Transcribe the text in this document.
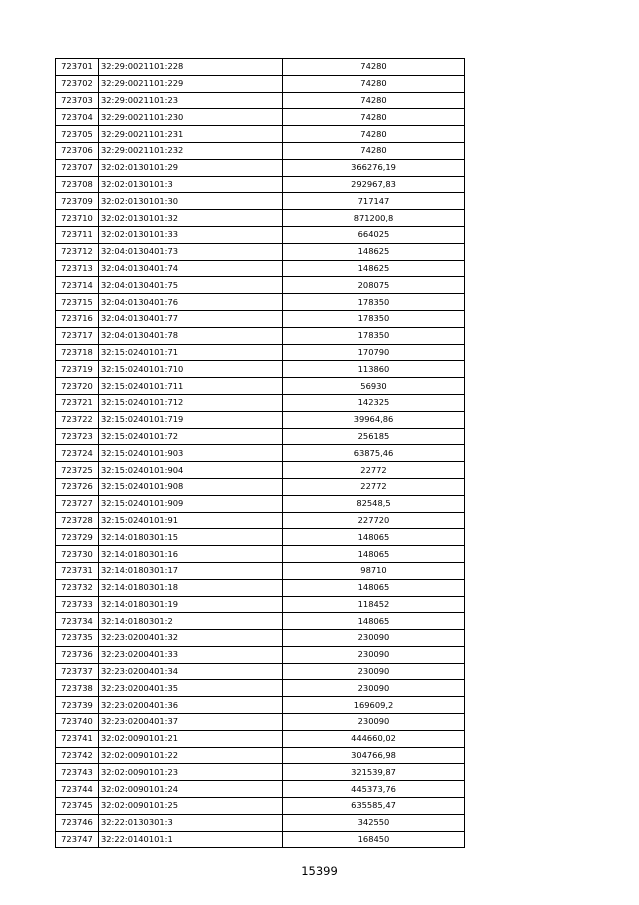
723701	32:29:0021101:228	74280
723702	32:29:0021101:229	74280
723703	32:29:0021101:23	74280
723704	32:29:0021101:230	74280
723705	32:29:0021101:231	74280
723706	32:29:0021101:232	74280
723707	32:02:0130101:29	366276,19
723708	32:02:0130101:3	292967,83
723709	32:02:0130101:30	717147
723710	32:02:0130101:32	871200,8
723711	32:02:0130101:33	664025
723712	32:04:0130401:73	148625
723713	32:04:0130401:74	148625
723714	32:04:0130401:75	208075
723715	32:04:0130401:76	178350
723716	32:04:0130401:77	178350
723717	32:04:0130401:78	178350
723718	32:15:0240101:71	170790
723719	32:15:0240101:710	113860
723720	32:15:0240101:711	56930
723721	32:15:0240101:712	142325
723722	32:15:0240101:719	39964,86
723723	32:15:0240101:72	256185
723724	32:15:0240101:903	63875,46
723725	32:15:0240101:904	22772
723726	32:15:0240101:908	22772
723727	32:15:0240101:909	82548,5
723728	32:15:0240101:91	227720
723729	32:14:0180301:15	148065
723730	32:14:0180301:16	148065
723731	32:14:0180301:17	98710
723732	32:14:0180301:18	148065
723733	32:14:0180301:19	118452
723734	32:14:0180301:2	148065
723735	32:23:0200401:32	230090
723736	32:23:0200401:33	230090
723737	32:23:0200401:34	230090
723738	32:23:0200401:35	230090
723739	32:23:0200401:36	169609,2
723740	32:23:0200401:37	230090
723741	32:02:0090101:21	444660,02
723742	32:02:0090101:22	304766,98
723743	32:02:0090101:23	321539,87
723744	32:02:0090101:24	445373,76
723745	32:02:0090101:25	635585,47
723746	32:22:0130301:3	342550
723747	32:22:0140101:1	168450
15399
